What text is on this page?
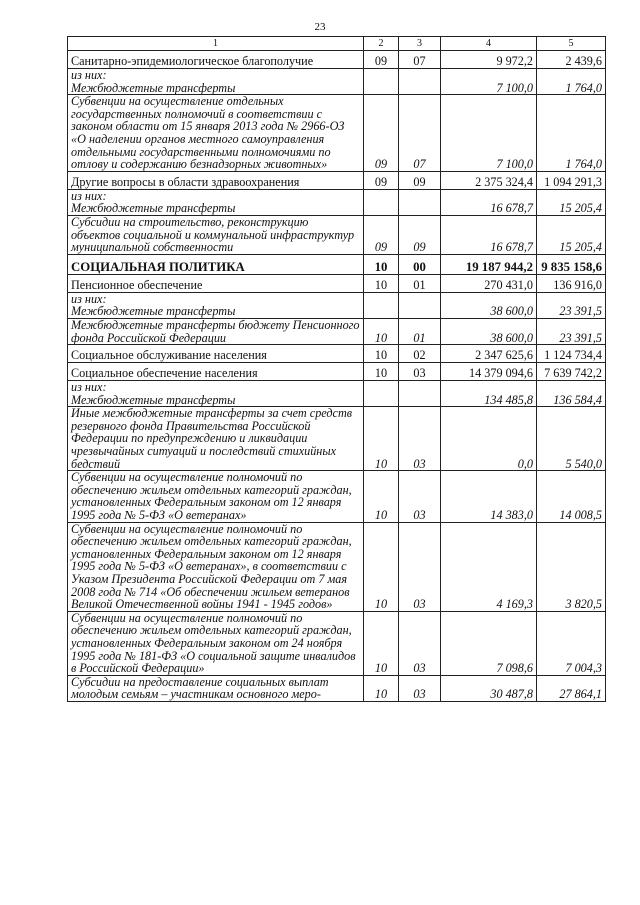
23
1	2	3	4	5
Санитарно-эпидемиологическое благополучие	09	07	9 972,2	2 439,6

из них:
Межбюджетные трансферты			7 100,0	1 764,0
Субвенции на осуществление отдельных государственных полномочий в соответствии с законом области от 15 января 2013 года № 2966-ОЗ «О наделении органов местного самоуправления отдельными государственными полномочиями по отлову и содержанию безнадзорных животных»	09	07	7 100,0	1 764,0
Другие вопросы в области здравоохранения	09	09	2 375 324,4	1 094 291,3

из них:
Межбюджетные трансферты			16 678,7	15 205,4
Субсидии на строительство, реконструкцию объектов социальной и коммунальной инфраструктур муниципальной собственности	09	09	16 678,7	15 205,4
СОЦИАЛЬНАЯ ПОЛИТИКА	10	00	19 187 944,2	9 835 158,6
Пенсионное обеспечение	10	01	270 431,0	136 916,0

из них:
Межбюджетные трансферты			38 600,0	23 391,5
Межбюджетные трансферты бюджету Пенсионного фонда Российской Федерации	10	01	38 600,0	23 391,5
Социальное обслуживание населения	10	02	2 347 625,6	1 124 734,4
Социальное обеспечение населения	10	03	14 379 094,6	7 639 742,2

из них:
Межбюджетные трансферты			134 485,8	136 584,4
Иные межбюджетные трансферты за счет средств резервного фонда Правительства Российской Федерации по предупреждению и ликвидации чрезвычайных ситуаций и последствий стихийных бедствий	10	03	0,0	5 540,0
Субвенции на осуществление полномочий по обеспечению жильем отдельных категорий граждан, установленных Федеральным законом от 12 января 1995 года № 5-ФЗ «О ветеранах»	10	03	14 383,0	14 008,5
Субвенции на осуществление полномочий по обеспечению жильем отдельных категорий граждан, установленных Федеральным законом от 12 января 1995 года № 5-ФЗ «О ветеранах», в соответствии с Указом Президента Российской Федерации от 7 мая 2008 года № 714 «Об обеспечении жильем ветеранов Великой Отечественной войны 1941 - 1945 годов»	10	03	4 169,3	3 820,5
Субвенции на осуществление полномочий по обеспечению жильем отдельных категорий граждан, установленных Федеральным законом от 24 ноября 1995 года № 181-ФЗ «О социальной защите инвалидов в Российской Федерации»	10	03	7 098,6	7 004,3
Субсидии на предоставление социальных выплат молодым семьям – участникам основного меро-	10	03	30 487,8	27 864,1
